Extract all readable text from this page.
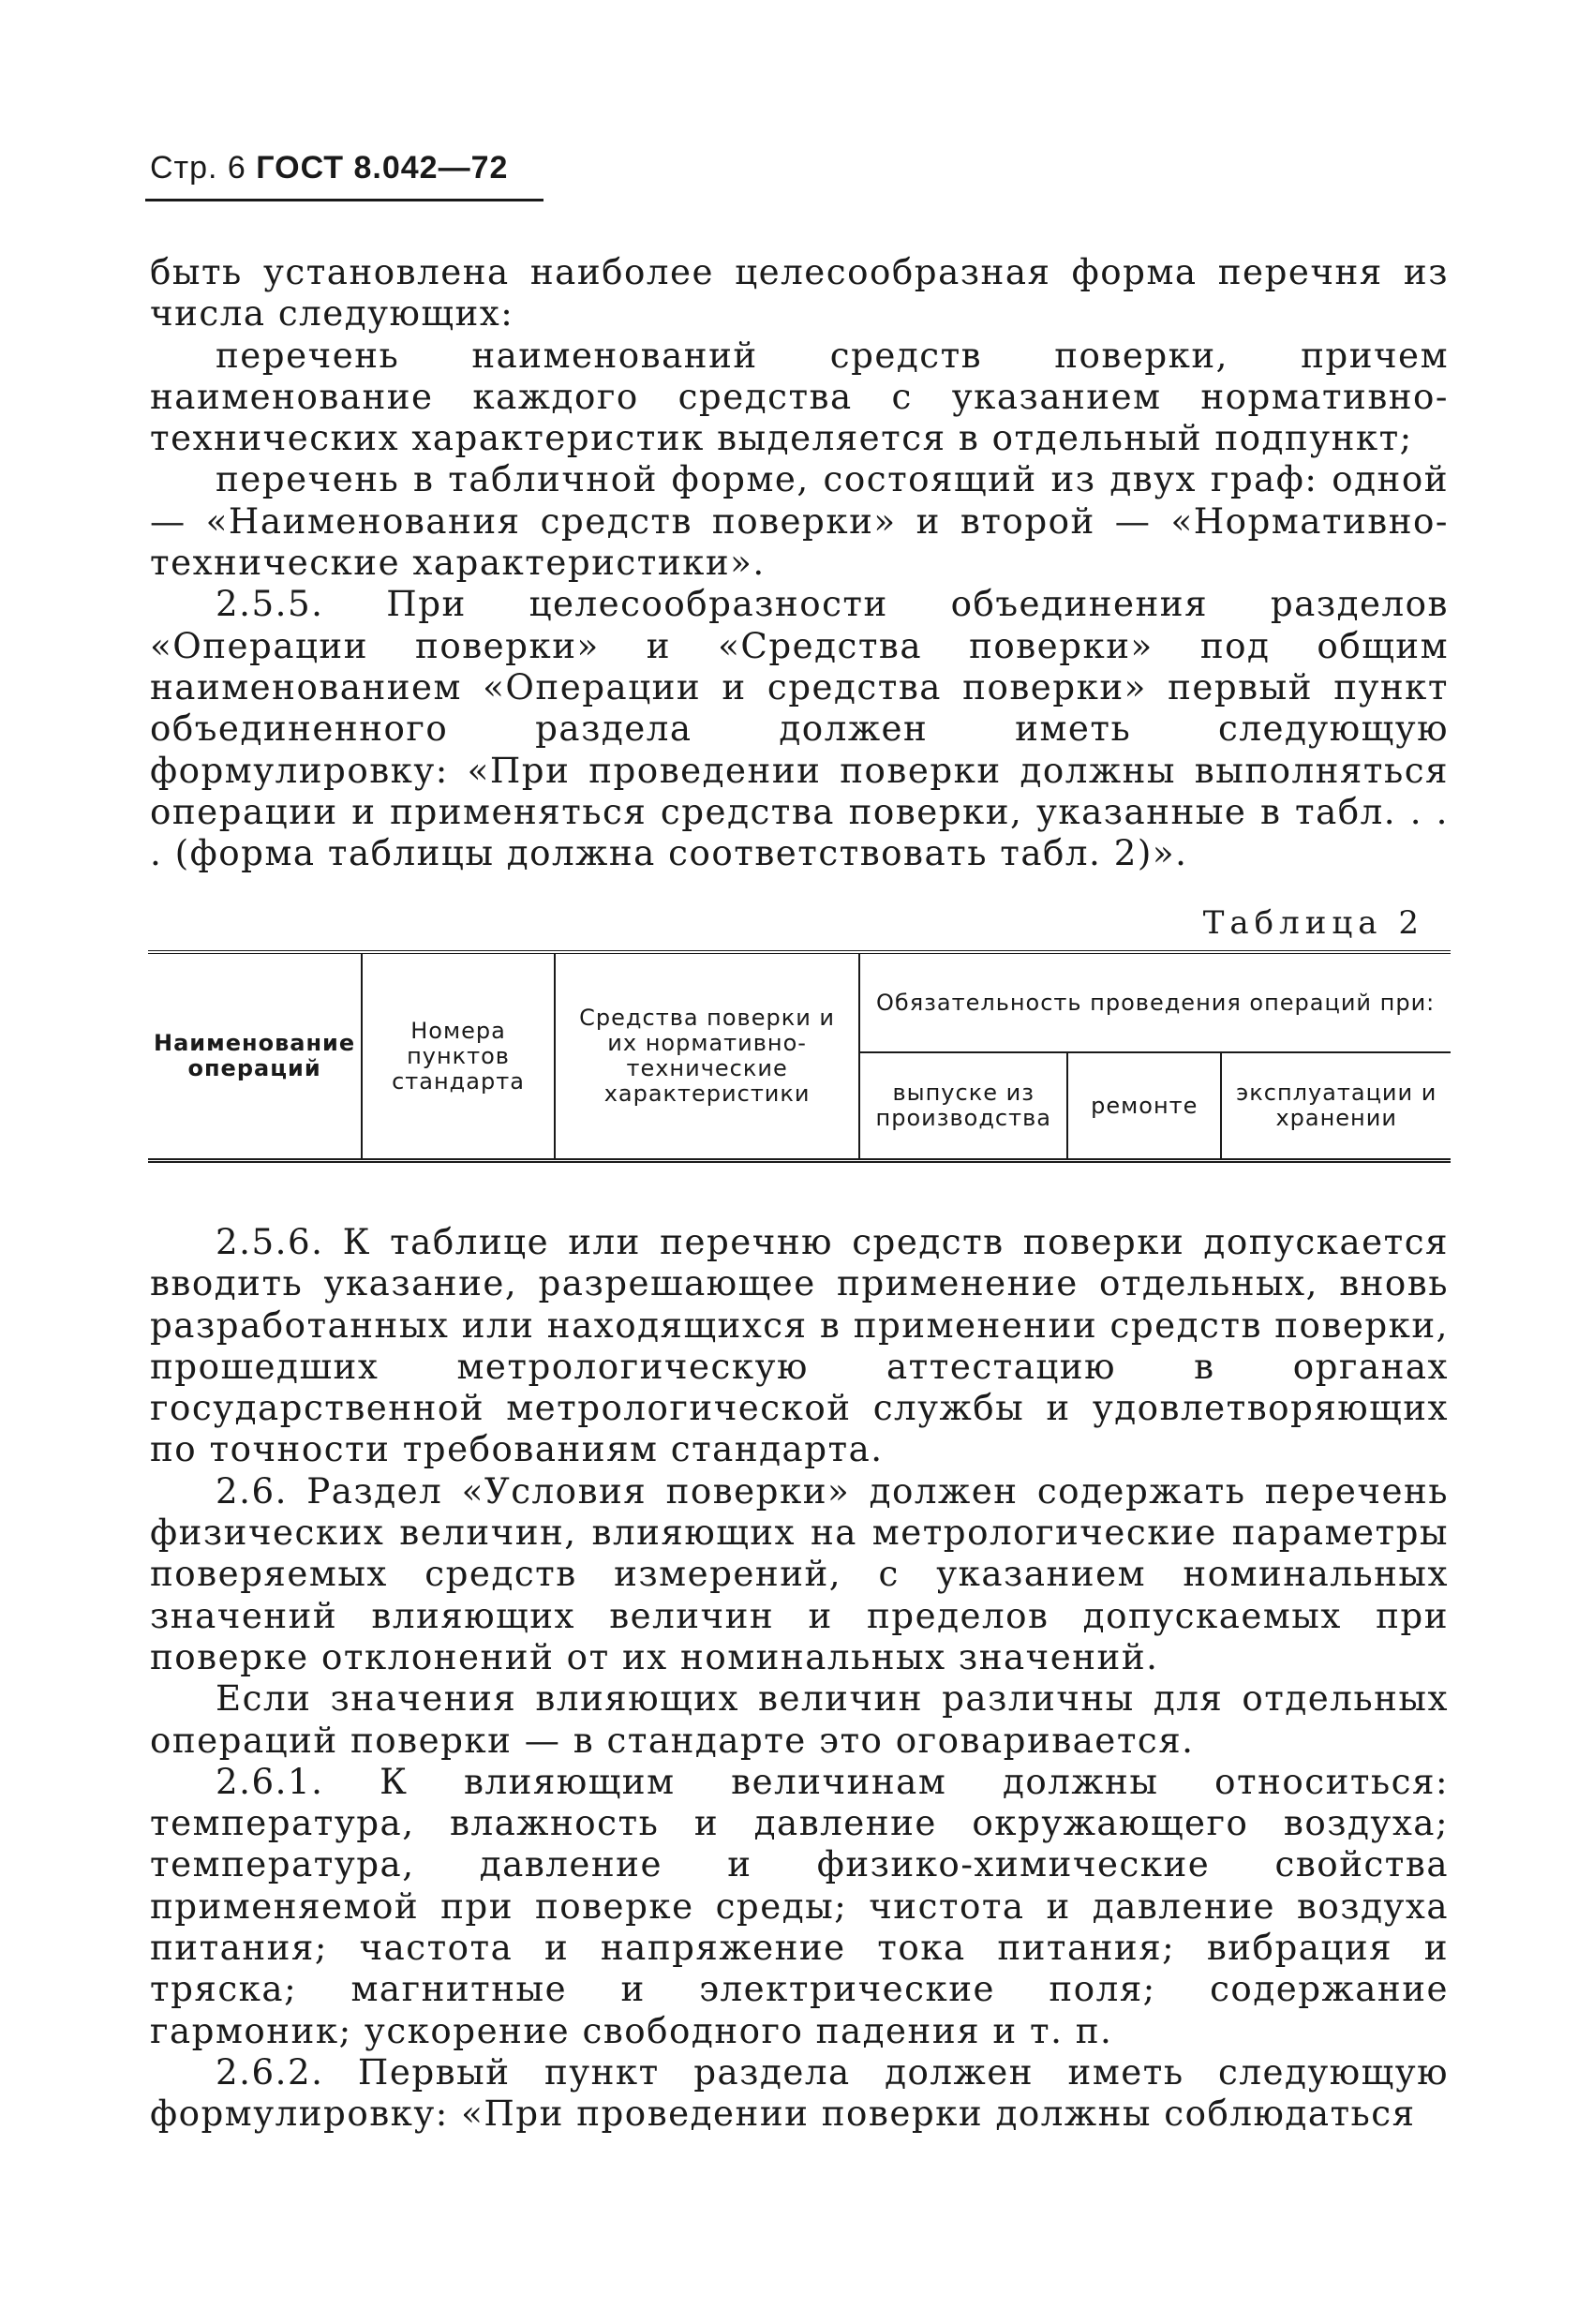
Стр. 6 ГОСТ 8.042—72

быть установлена наиболее целесообразная форма перечня из числа следующих:

перечень наименований средств поверки, причем наименование каждого средства с указанием нормативно-технических характеристик выделяется в отдельный подпункт;

перечень в табличной форме, состоящий из двух граф: одной — «Наименования средств поверки» и второй — «Нормативно-технические характеристики».

2.5.5. При целесообразности объединения разделов «Операции поверки» и «Средства поверки» под общим наименованием «Операции и средства поверки» первый пункт объединенного раздела должен иметь следующую формулировку: «При проведении поверки должны выполняться операции и применяться средства поверки, указанные в табл. . . . (форма таблицы должна соответствовать табл. 2)».

Таблица 2
Наименование операций	Номера пунктов стандарта	Средства поверки и их нормативно-технические характеристики	Обязательность проведения операций при:		
			выпуске из производства	ремонте	эксплуатации и хранении

2.5.6. К таблице или перечню средств поверки допускается вводить указание, разрешающее применение отдельных, вновь разработанных или находящихся в применении средств поверки, прошедших метрологическую аттестацию в органах государственной метрологической службы и удовлетворяющих по точности требованиям стандарта.

2.6. Раздел «Условия поверки» должен содержать перечень физических величин, влияющих на метрологические параметры поверяемых средств измерений, с указанием номинальных значений влияющих величин и пределов допускаемых при поверке отклонений от их номинальных значений.

Если значения влияющих величин различны для отдельных операций поверки — в стандарте это оговаривается.

2.6.1. К влияющим величинам должны относиться: температура, влажность и давление окружающего воздуха; температура, давление и физико-химические свойства применяемой при поверке среды; чистота и давление воздуха питания; частота и напряжение тока питания; вибрация и тряска; магнитные и электрические поля; содержание гармоник; ускорение свободного падения и т. п.

2.6.2. Первый пункт раздела должен иметь следующую формулировку: «При проведении поверки должны соблюдаться
